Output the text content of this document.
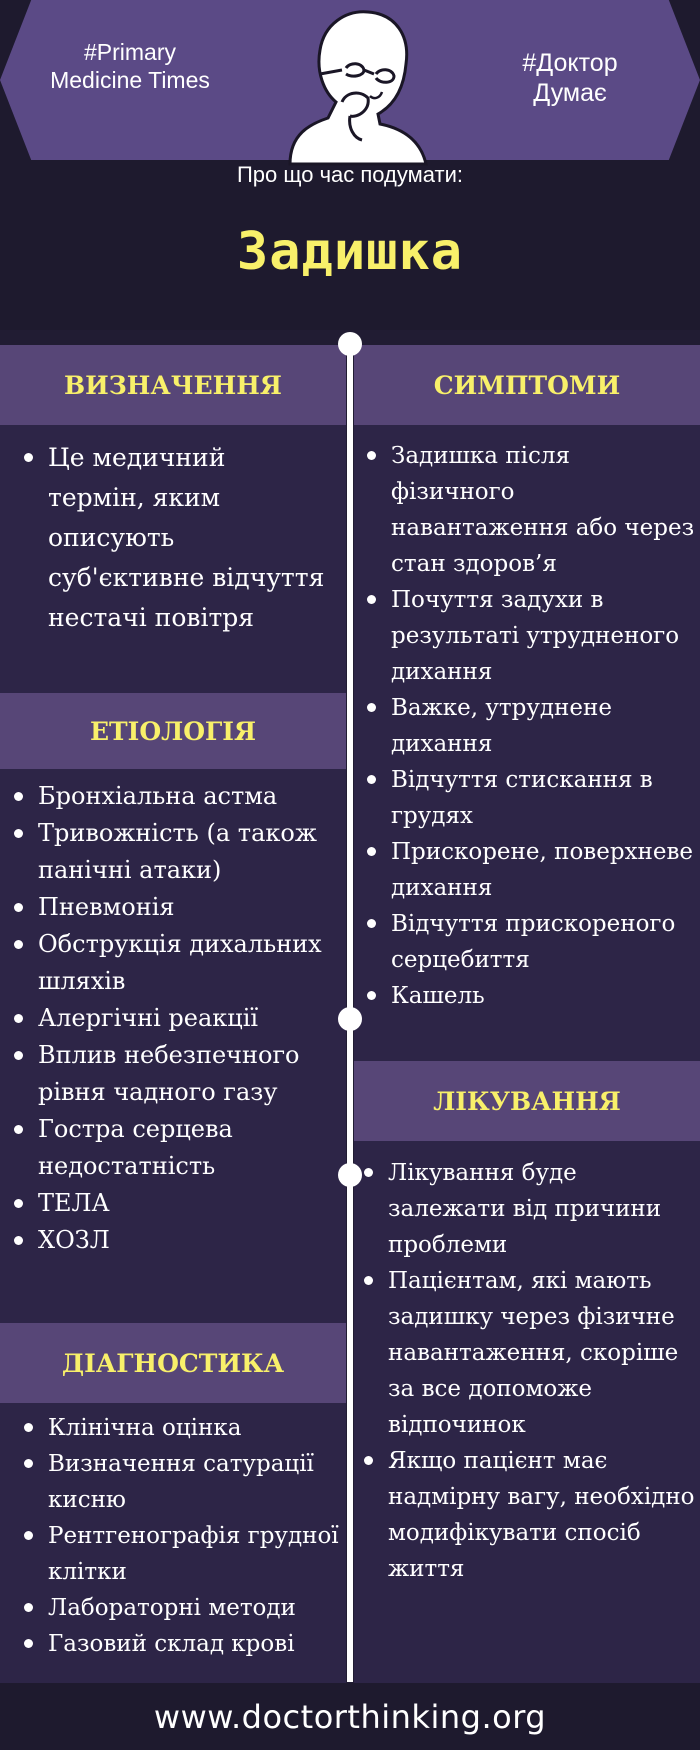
#Primary Medicine Times
#Доктор Думає
Про що час подумати:
Задишка
ВИЗНАЧЕННЯ
Це медичний термін, яким описують суб'єктивне відчуття нестачі повітря
СИМПТОМИ
Задишка після фізичного навантаження або через стан здоров’я
Почуття задухи в результаті утрудненого дихання
Важке, утруднене дихання
Відчуття стискання в грудях
Прискорене, поверхневе дихання
Відчуття прискореного серцебиття
Кашель
ЕТІОЛОГІЯ
Бронхіальна астма
Тривожність (а також панічні атаки)
Пневмонія
Обструкція дихальних шляхів
Алергічні реакції
Вплив небезпечного рівня чадного газу
Гостра серцева недостатність
ТЕЛА
ХОЗЛ
ЛІКУВАННЯ
Лікування буде залежати від причини проблеми
Пацієнтам, які мають задишку через фізичне навантаження, скоріше за все допоможе відпочинок
Якщо пацієнт має надмірну вагу, необхідно модифікувати спосіб життя
ДІАГНОСТИКА
Клінічна оцінка
Визначення сатурації кисню
Рентгенографія грудної клітки
Лабораторні методи
Газовий склад крові
www.doctorthinking.org
